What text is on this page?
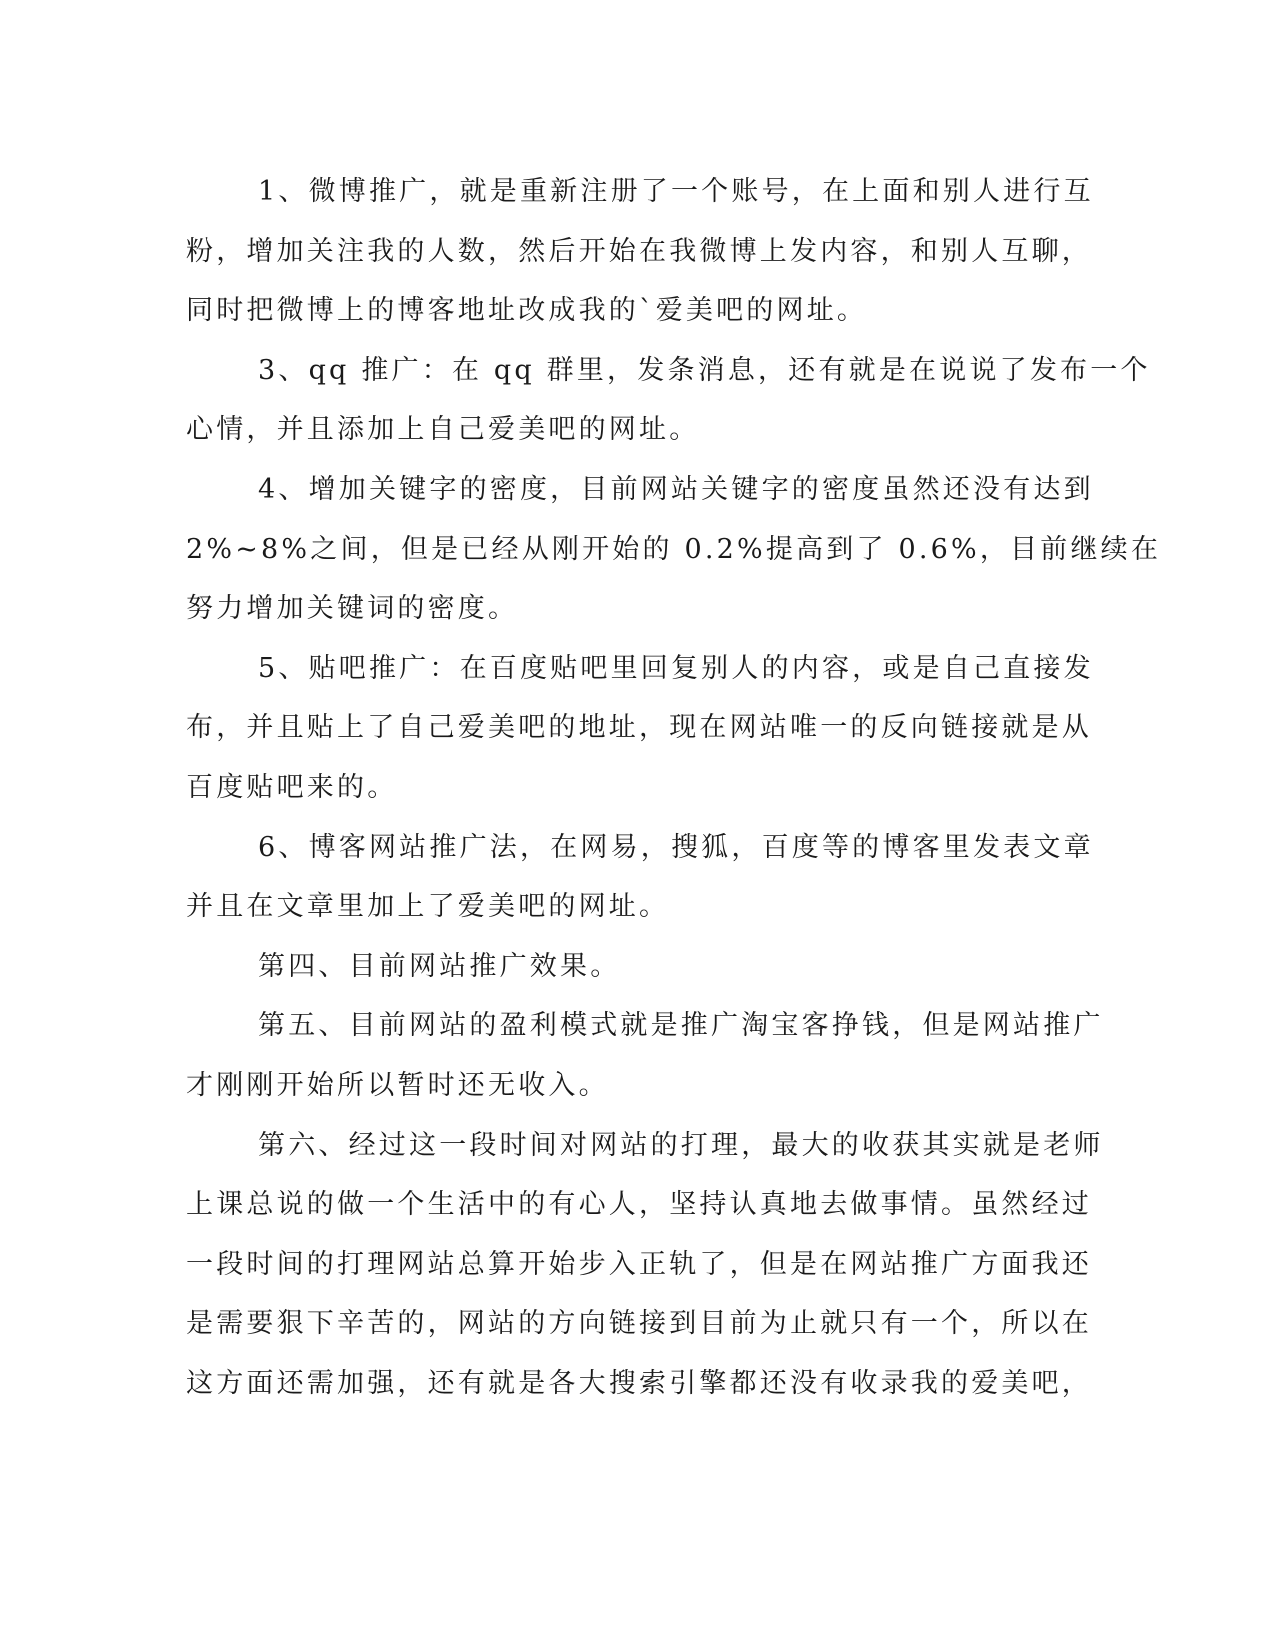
1、微博推广，就是重新注册了一个账号，在上面和别人进行互
粉，增加关注我的人数，然后开始在我微博上发内容，和别人互聊，
同时把微博上的博客地址改成我的`爱美吧的网址。

3、qq 推广：在 qq 群里，发条消息，还有就是在说说了发布一个
心情，并且添加上自己爱美吧的网址。

4、增加关键字的密度，目前网站关键字的密度虽然还没有达到
2%~8%之间，但是已经从刚开始的 0.2%提高到了 0.6%，目前继续在
努力增加关键词的密度。

5、贴吧推广：在百度贴吧里回复别人的内容，或是自己直接发
布，并且贴上了自己爱美吧的地址，现在网站唯一的反向链接就是从
百度贴吧来的。

6、博客网站推广法，在网易，搜狐，百度等的博客里发表文章
并且在文章里加上了爱美吧的网址。

第四、目前网站推广效果。

第五、目前网站的盈利模式就是推广淘宝客挣钱，但是网站推广
才刚刚开始所以暂时还无收入。

第六、经过这一段时间对网站的打理，最大的收获其实就是老师
上课总说的做一个生活中的有心人，坚持认真地去做事情。虽然经过
一段时间的打理网站总算开始步入正轨了，但是在网站推广方面我还
是需要狠下辛苦的，网站的方向链接到目前为止就只有一个，所以在
这方面还需加强，还有就是各大搜索引擎都还没有收录我的爱美吧，
